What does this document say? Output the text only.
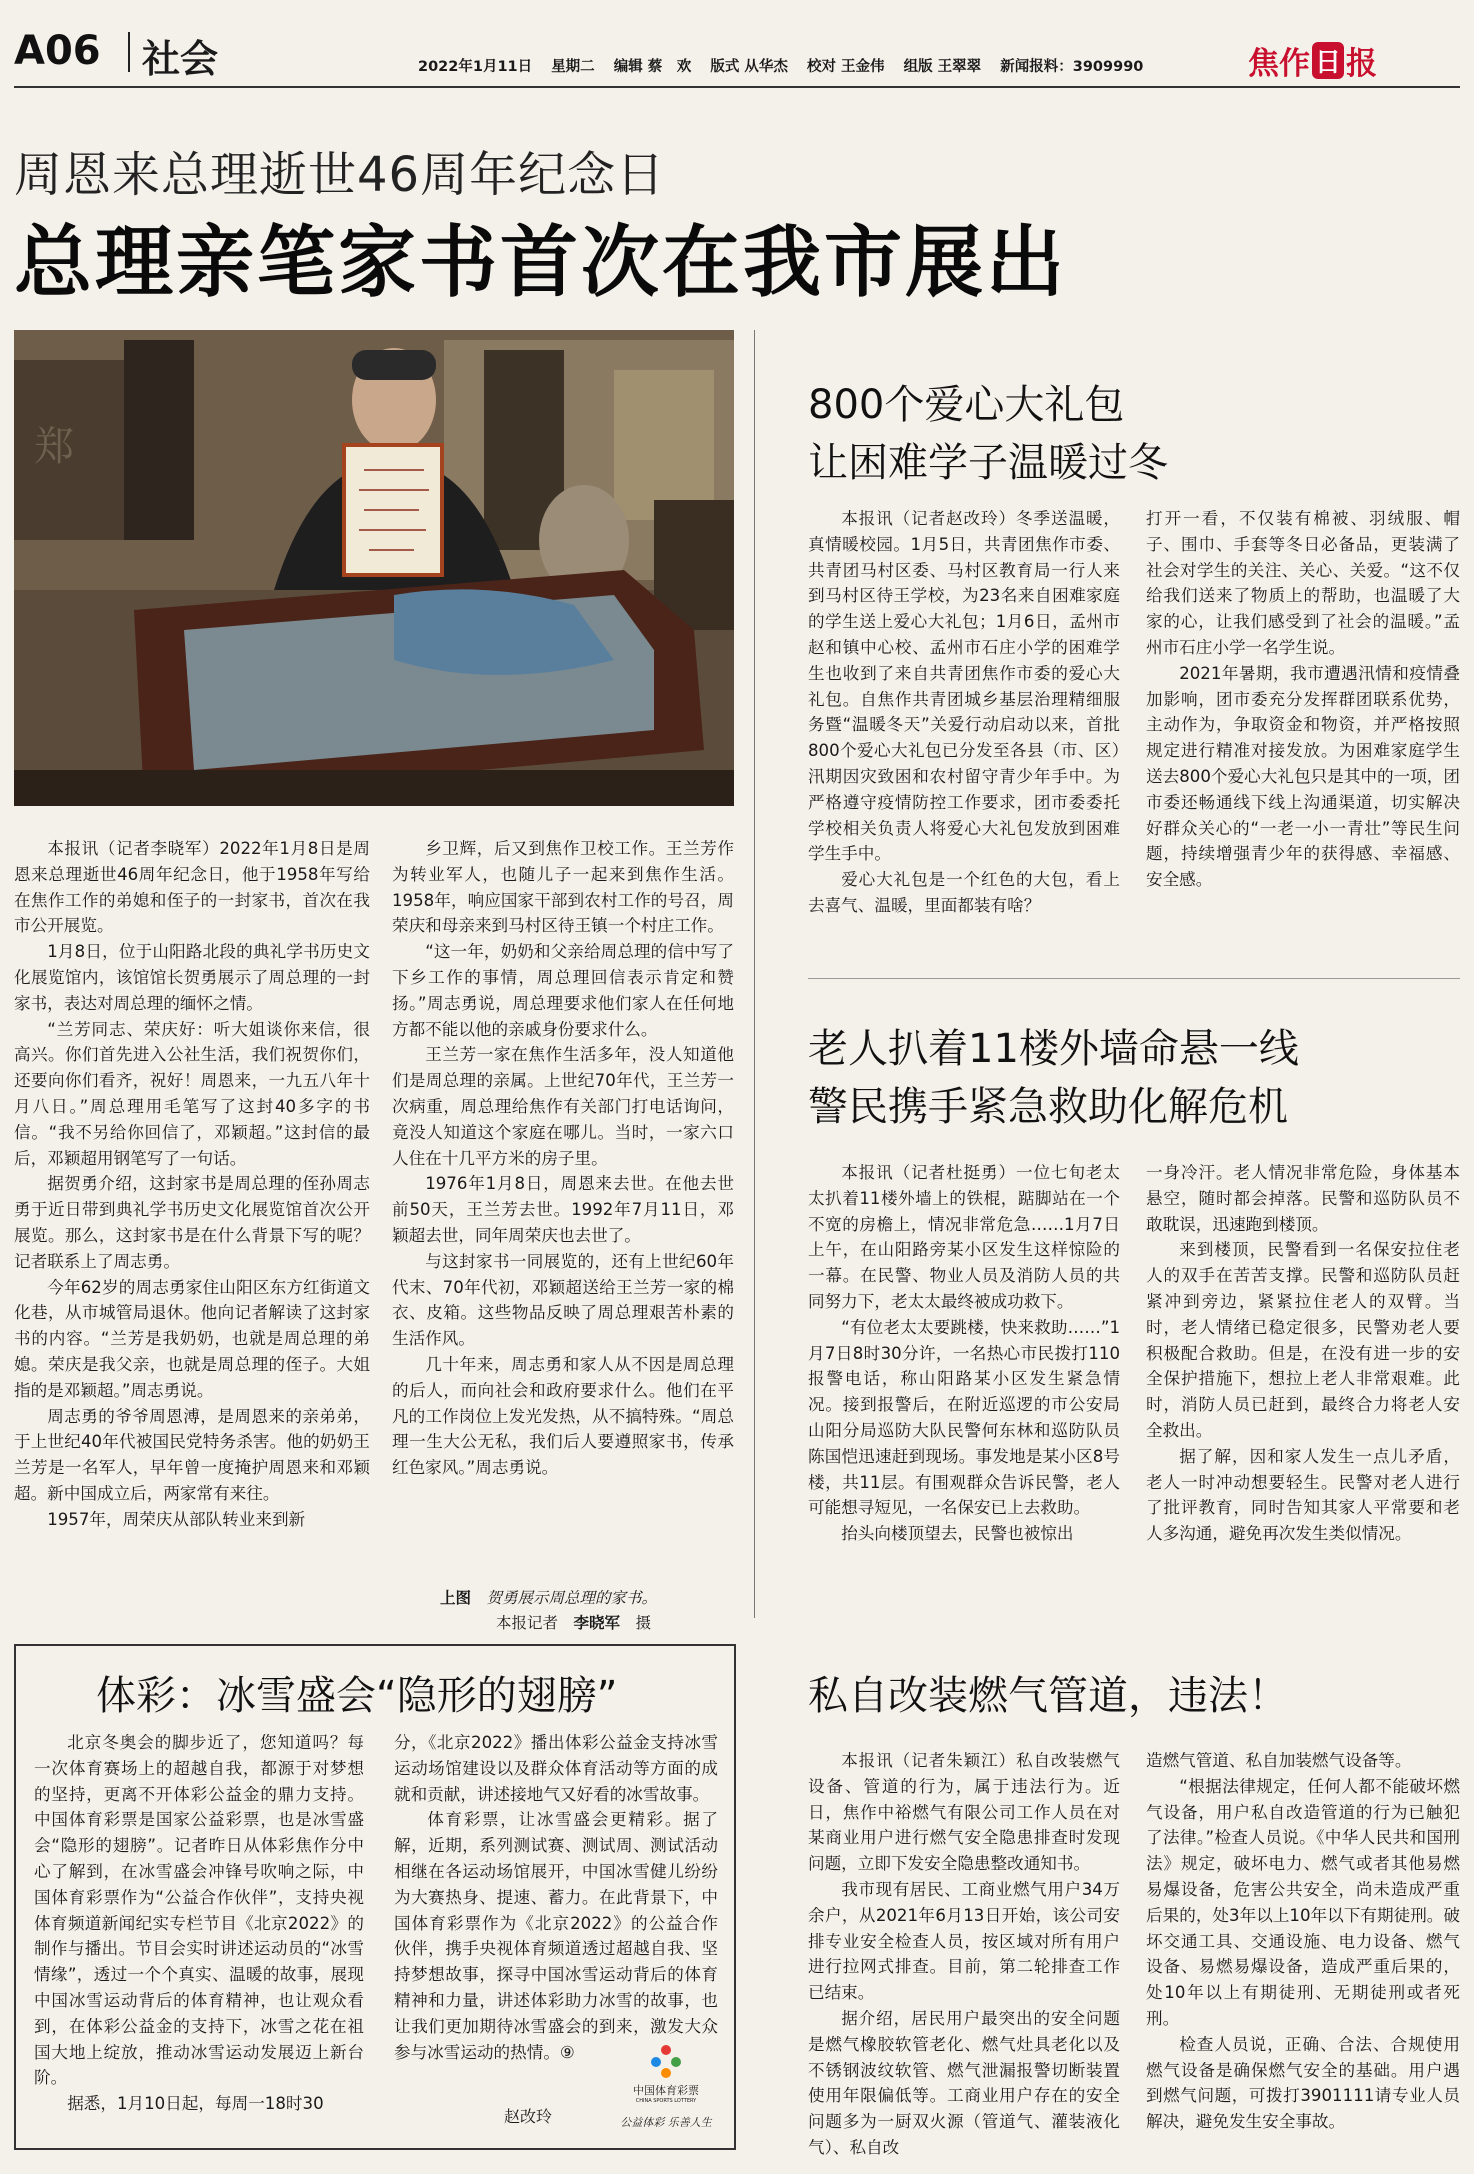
A06 社会	2022年1月11日 星期二 编辑 蔡　欢 版式 从华杰 校对 王金伟 组版 王翠翠 新闻报料：3909990	焦作 日 报
周恩来总理逝世46周年纪念日
总理亲笔家书首次在我市展出
郑

本报讯（记者李晓军）2022年1月8日是周恩来总理逝世46周年纪念日，他于1958年写给在焦作工作的弟媳和侄子的一封家书，首次在我市公开展览。

1月8日，位于山阳路北段的典礼学书历史文化展览馆内，该馆馆长贺勇展示了周总理的一封家书，表达对周总理的缅怀之情。

“兰芳同志、荣庆好：听大姐谈你来信，很高兴。你们首先进入公社生活，我们祝贺你们，还要向你们看齐，祝好！周恩来，一九五八年十月八日。”周总理用毛笔写了这封40多字的书信。“我不另给你回信了，邓颖超。”这封信的最后，邓颖超用钢笔写了一句话。

据贺勇介绍，这封家书是周总理的侄孙周志勇于近日带到典礼学书历史文化展览馆首次公开展览。那么，这封家书是在什么背景下写的呢？记者联系上了周志勇。

今年62岁的周志勇家住山阳区东方红街道文化巷，从市城管局退休。他向记者解读了这封家书的内容。“兰芳是我奶奶，也就是周总理的弟媳。荣庆是我父亲，也就是周总理的侄子。大姐指的是邓颖超。”周志勇说。

周志勇的爷爷周恩溥，是周恩来的亲弟弟，于上世纪40年代被国民党特务杀害。他的奶奶王兰芳是一名军人，早年曾一度掩护周恩来和邓颖超。新中国成立后，两家常有来往。

1957年，周荣庆从部队转业来到新

乡卫辉，后又到焦作卫校工作。王兰芳作为转业军人，也随儿子一起来到焦作生活。1958年，响应国家干部到农村工作的号召，周荣庆和母亲来到马村区待王镇一个村庄工作。

“这一年，奶奶和父亲给周总理的信中写了下乡工作的事情，周总理回信表示肯定和赞扬。”周志勇说，周总理要求他们家人在任何地方都不能以他的亲戚身份要求什么。

王兰芳一家在焦作生活多年，没人知道他们是周总理的亲属。上世纪70年代，王兰芳一次病重，周总理给焦作有关部门打电话询问，竟没人知道这个家庭在哪儿。当时，一家六口人住在十几平方米的房子里。

1976年1月8日，周恩来去世。在他去世前50天，王兰芳去世。1992年7月11日，邓颖超去世，同年周荣庆也去世了。

与这封家书一同展览的，还有上世纪60年代末、70年代初，邓颖超送给王兰芳一家的棉衣、皮箱。这些物品反映了周总理艰苦朴素的生活作风。

几十年来，周志勇和家人从不因是周总理的后人，而向社会和政府要求什么。他们在平凡的工作岗位上发光发热，从不搞特殊。“周总理一生大公无私，我们后人要遵照家书，传承红色家风。”周志勇说。

上图　 贺勇展示周总理的家书。
本报记者　 李晓军　 摄
800个爱心大礼包
让困难学子温暖过冬

本报讯（记者赵改玲）冬季送温暖，真情暖校园。1月5日，共青团焦作市委、共青团马村区委、马村区教育局一行人来到马村区待王学校，为23名来自困难家庭的学生送上爱心大礼包；1月6日，孟州市赵和镇中心校、孟州市石庄小学的困难学生也收到了来自共青团焦作市委的爱心大礼包。自焦作共青团城乡基层治理精细服务暨“温暖冬天”关爱行动启动以来，首批800个爱心大礼包已分发至各县（市、区）汛期因灾致困和农村留守青少年手中。为严格遵守疫情防控工作要求，团市委委托学校相关负责人将爱心大礼包发放到困难学生手中。

爱心大礼包是一个红色的大包，看上去喜气、温暖，里面都装有啥？

打开一看，不仅装有棉被、羽绒服、帽子、围巾、手套等冬日必备品，更装满了社会对学生的关注、关心、关爱。“这不仅给我们送来了物质上的帮助，也温暖了大家的心，让我们感受到了社会的温暖。”孟州市石庄小学一名学生说。

2021年暑期，我市遭遇汛情和疫情叠加影响，团市委充分发挥群团联系优势，主动作为，争取资金和物资，并严格按照规定进行精准对接发放。为困难家庭学生送去800个爱心大礼包只是其中的一项，团市委还畅通线下线上沟通渠道，切实解决好群众关心的“一老一小一青壮”等民生问题，持续增强青少年的获得感、幸福感、安全感。

老人扒着11楼外墙命悬一线
警民携手紧急救助化解危机

本报讯（记者杜挺勇）一位七旬老太太扒着11楼外墙上的铁棍，踮脚站在一个不宽的房檐上，情况非常危急……1月7日上午，在山阳路旁某小区发生这样惊险的一幕。在民警、物业人员及消防人员的共同努力下，老太太最终被成功救下。

“有位老太太要跳楼，快来救助……”1月7日8时30分许，一名热心市民拨打110报警电话，称山阳路某小区发生紧急情况。接到报警后，在附近巡逻的市公安局山阳分局巡防大队民警何东林和巡防队员陈国恺迅速赶到现场。事发地是某小区8号楼，共11层。有围观群众告诉民警，老人可能想寻短见，一名保安已上去救助。

抬头向楼顶望去，民警也被惊出

一身冷汗。老人情况非常危险，身体基本悬空，随时都会掉落。民警和巡防队员不敢耽误，迅速跑到楼顶。

来到楼顶，民警看到一名保安拉住老人的双手在苦苦支撑。民警和巡防队员赶紧冲到旁边，紧紧拉住老人的双臂。当时，老人情绪已稳定很多，民警劝老人要积极配合救助。但是，在没有进一步的安全保护措施下，想拉上老人非常艰难。此时，消防人员已赶到，最终合力将老人安全救出。

据了解，因和家人发生一点儿矛盾，老人一时冲动想要轻生。民警对老人进行了批评教育，同时告知其家人平常要和老人多沟通，避免再次发生类似情况。

体彩：冰雪盛会“隐形的翅膀”

北京冬奥会的脚步近了，您知道吗？每一次体育赛场上的超越自我，都源于对梦想的坚持，更离不开体彩公益金的鼎力支持。中国体育彩票是国家公益彩票，也是冰雪盛会“隐形的翅膀”。记者昨日从体彩焦作分中心了解到，在冰雪盛会冲锋号吹响之际，中国体育彩票作为“公益合作伙伴”，支持央视体育频道新闻纪实专栏节目《北京2022》的制作与播出。节目会实时讲述运动员的“冰雪情缘”，透过一个个真实、温暖的故事，展现中国冰雪运动背后的体育精神，也让观众看到，在体彩公益金的支持下，冰雪之花在祖国大地上绽放，推动冰雪运动发展迈上新台阶。

据悉，1月10日起，每周一18时30

分，《北京2022》播出体彩公益金支持冰雪运动场馆建设以及群众体育活动等方面的成就和贡献，讲述接地气又好看的冰雪故事。

体育彩票，让冰雪盛会更精彩。据了解，近期，系列测试赛、测试周、测试活动相继在各运动场馆展开，中国冰雪健儿纷纷为大赛热身、提速、蓄力。在此背景下，中国体育彩票作为《北京2022》的公益合作伙伴，携手央视体育频道透过超越自我、坚持梦想故事，探寻中国冰雪运动背后的体育精神和力量，讲述体彩助力冰雪的故事，也让我们更加期待冰雪盛会的到来，激发大众参与冰雪运动的热情。⑨

赵改玲
中国体育彩票
CHINA SPORTS LOTTERY
公益体彩 乐善人生
私自改装燃气管道，违法！

本报讯（记者朱颖江）私自改装燃气设备、管道的行为，属于违法行为。近日，焦作中裕燃气有限公司工作人员在对某商业用户进行燃气安全隐患排查时发现问题，立即下发安全隐患整改通知书。

我市现有居民、工商业燃气用户34万余户，从2021年6月13日开始，该公司安排专业安全检查人员，按区域对所有用户进行拉网式排查。目前，第二轮排查工作已结束。

据介绍，居民用户最突出的安全问题是燃气橡胶软管老化、燃气灶具老化以及不锈钢波纹软管、燃气泄漏报警切断装置使用年限偏低等。工商业用户存在的安全问题多为一厨双火源（管道气、灌装液化气）、私自改

造燃气管道、私自加装燃气设备等。

“根据法律规定，任何人都不能破坏燃气设备，用户私自改造管道的行为已触犯了法律。”检查人员说。《中华人民共和国刑法》规定，破坏电力、燃气或者其他易燃易爆设备，危害公共安全，尚未造成严重后果的，处3年以上10年以下有期徒刑。破坏交通工具、交通设施、电力设备、燃气设备、易燃易爆设备，造成严重后果的，处10年以上有期徒刑、无期徒刑或者死刑。

检查人员说，正确、合法、合规使用燃气设备是确保燃气安全的基础。用户遇到燃气问题，可拨打3901111请专业人员解决，避免发生安全事故。
